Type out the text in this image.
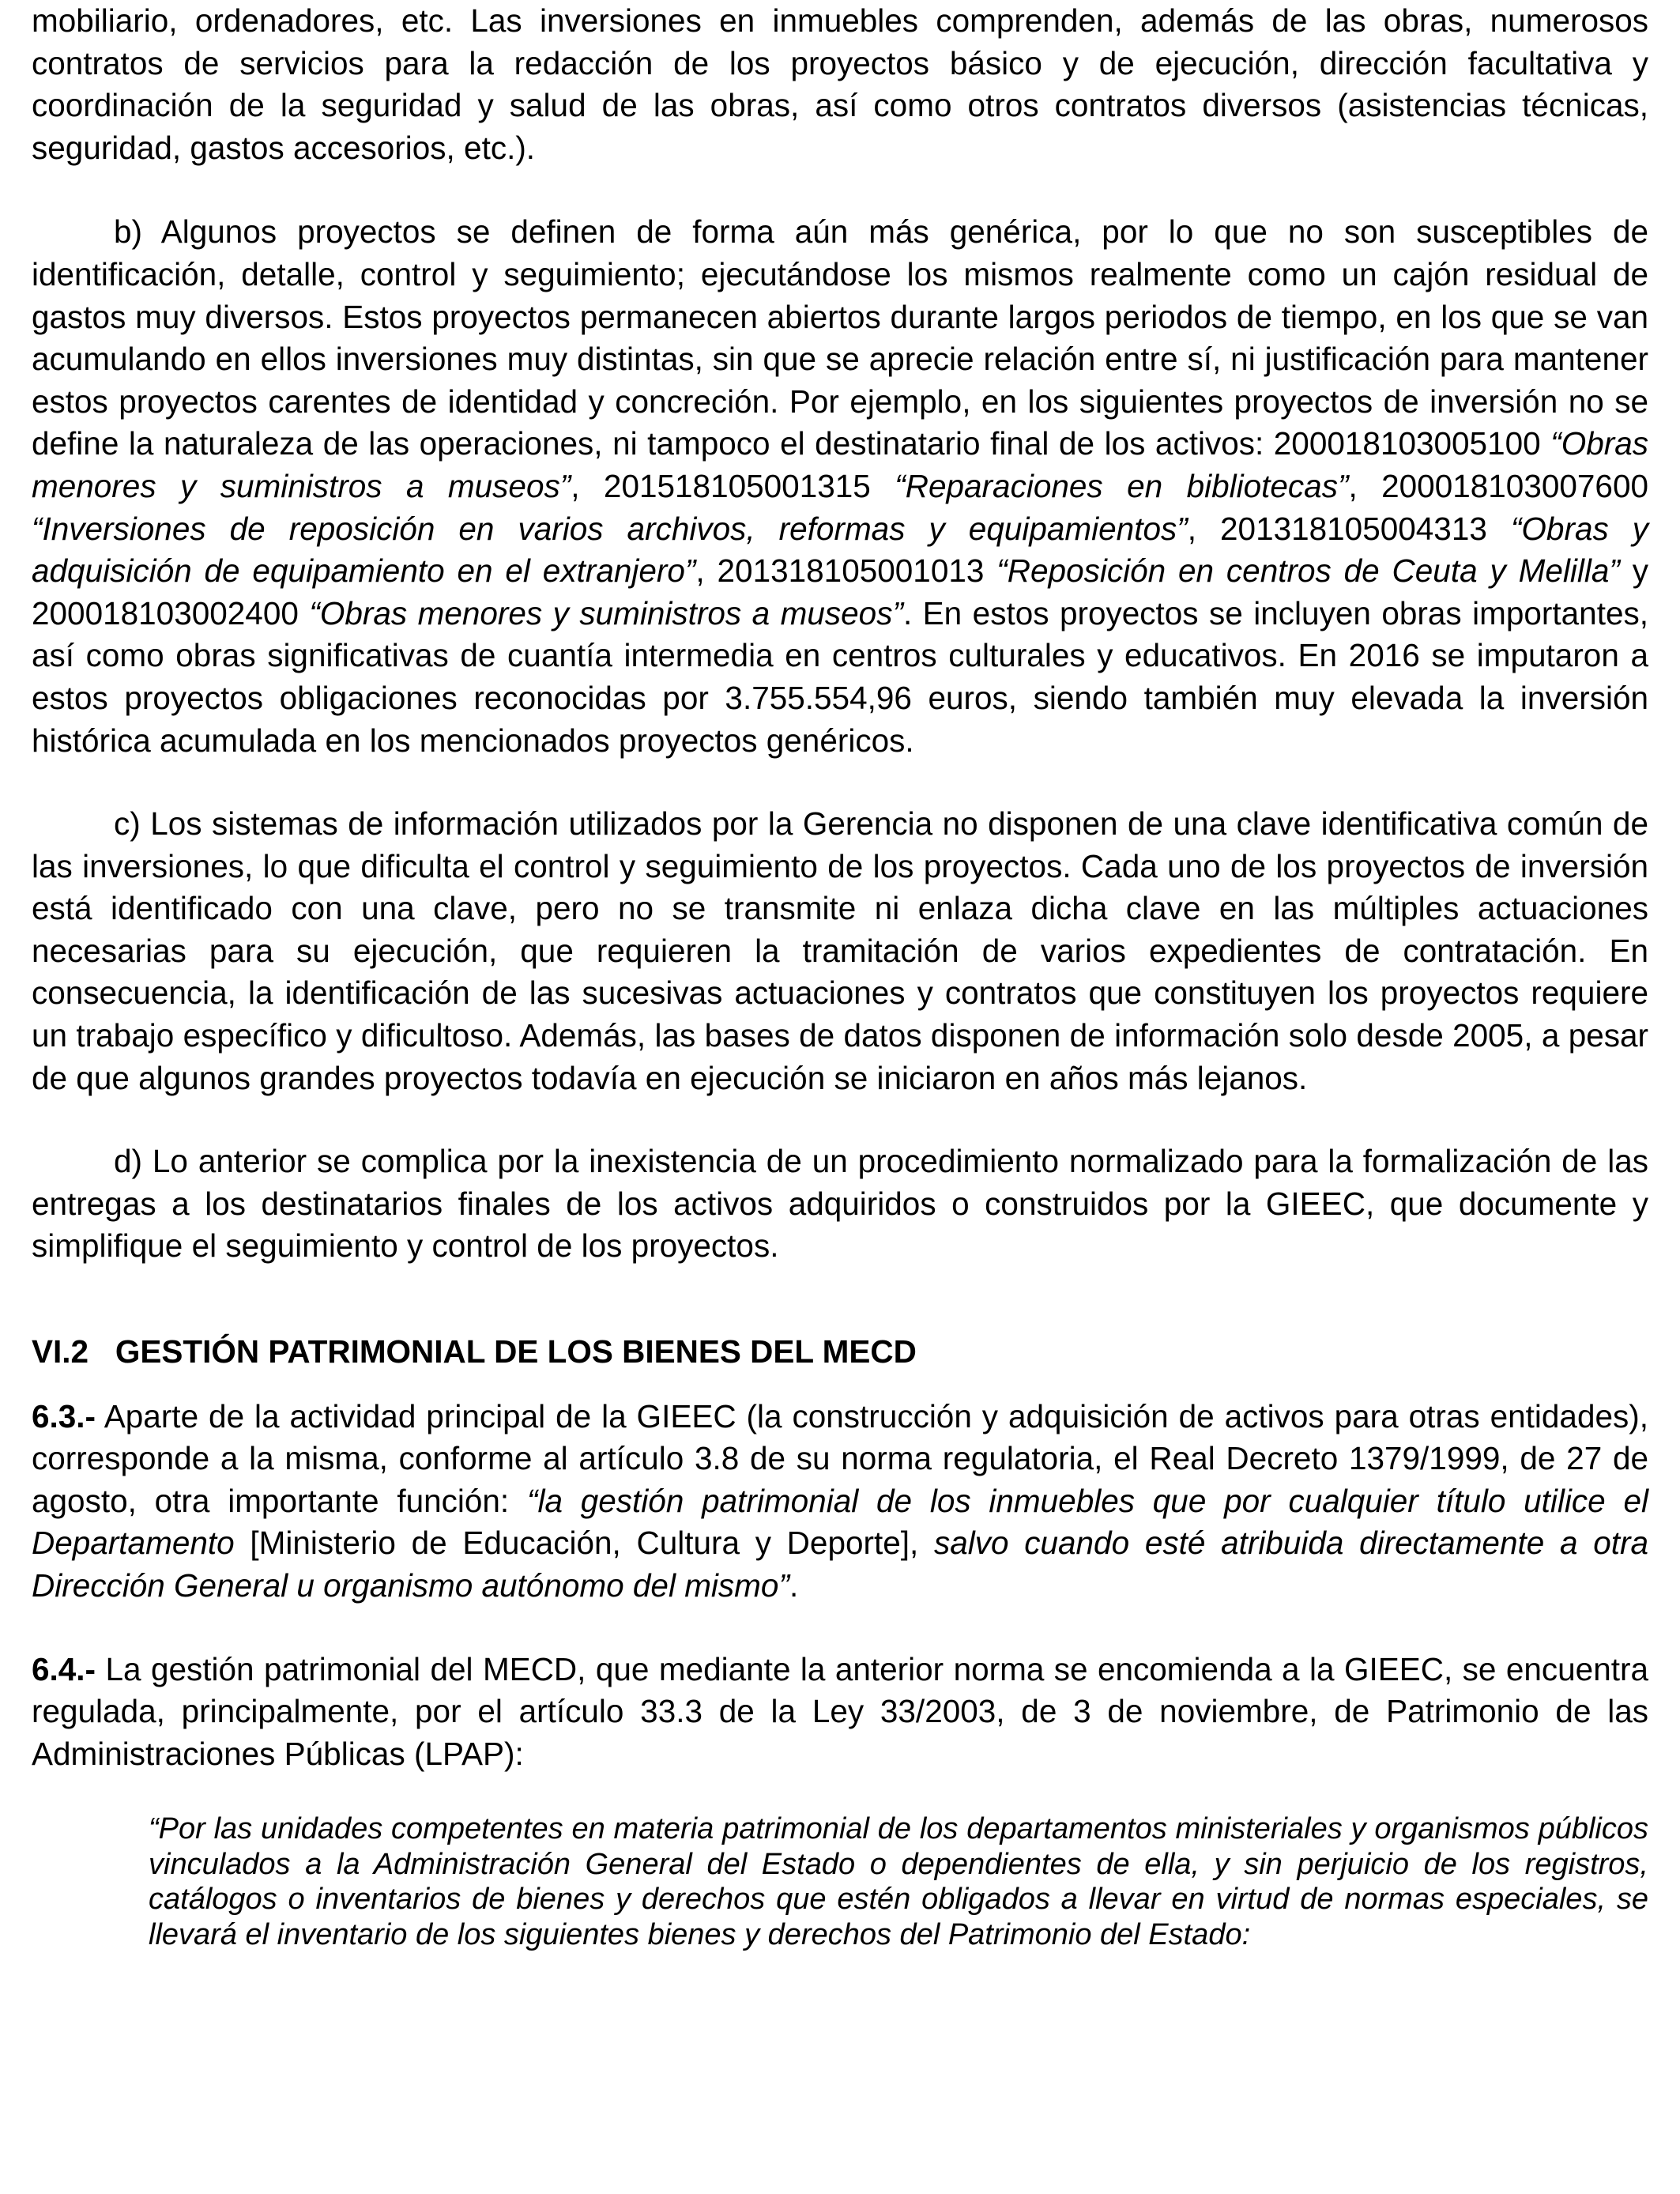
mobiliario, ordenadores, etc. Las inversiones en inmuebles comprenden, además de las obras, numerosos contratos de servicios para la redacción de los proyectos básico y de ejecución, dirección facultativa y coordinación de la seguridad y salud de las obras, así como otros contratos diversos (asistencias técnicas, seguridad, gastos accesorios, etc.).

b) Algunos proyectos se definen de forma aún más genérica, por lo que no son susceptibles de identificación, detalle, control y seguimiento; ejecutándose los mismos realmente como un cajón residual de gastos muy diversos. Estos proyectos permanecen abiertos durante largos periodos de tiempo, en los que se van acumulando en ellos inversiones muy distintas, sin que se aprecie relación entre sí, ni justificación para mantener estos proyectos carentes de identidad y concreción. Por ejemplo, en los siguientes proyectos de inversión no se define la naturaleza de las operaciones, ni tampoco el destinatario final de los activos: 200018103005100 “Obras menores y suministros a museos”, 201518105001315 “Reparaciones en bibliotecas”, 200018103007600 “Inversiones de reposición en varios archivos, reformas y equipamientos”, 201318105004313 “Obras y adquisición de equipamiento en el extranjero”, 201318105001013 “Reposición en centros de Ceuta y Melilla” y 200018103002400 “Obras menores y suministros a museos”. En estos proyectos se incluyen obras importantes, así como obras significativas de cuantía intermedia en centros culturales y educativos. En 2016 se imputaron a estos proyectos obligaciones reconocidas por 3.755.554,96 euros, siendo también muy elevada la inversión histórica acumulada en los mencionados proyectos genéricos.

c) Los sistemas de información utilizados por la Gerencia no disponen de una clave identificativa común de las inversiones, lo que dificulta el control y seguimiento de los proyectos. Cada uno de los proyectos de inversión está identificado con una clave, pero no se transmite ni enlaza dicha clave en las múltiples actuaciones necesarias para su ejecución, que requieren la tramitación de varios expedientes de contratación. En consecuencia, la identificación de las sucesivas actuaciones y contratos que constituyen los proyectos requiere un trabajo específico y dificultoso. Además, las bases de datos disponen de información solo desde 2005, a pesar de que algunos grandes proyectos todavía en ejecución se iniciaron en años más lejanos.

d) Lo anterior se complica por la inexistencia de un procedimiento normalizado para la formalización de las entregas a los destinatarios finales de los activos adquiridos o construidos por la GIEEC, que documente y simplifique el seguimiento y control de los proyectos.

VI.2 GESTIÓN PATRIMONIAL DE LOS BIENES DEL MECD

6.3.- Aparte de la actividad principal de la GIEEC (la construcción y adquisición de activos para otras entidades), corresponde a la misma, conforme al artículo 3.8 de su norma regulatoria, el Real Decreto 1379/1999, de 27 de agosto, otra importante función: “la gestión patrimonial de los inmuebles que por cualquier título utilice el Departamento [Ministerio de Educación, Cultura y Deporte], salvo cuando esté atribuida directamente a otra Dirección General u organismo autónomo del mismo”.

6.4.- La gestión patrimonial del MECD, que mediante la anterior norma se encomienda a la GIEEC, se encuentra regulada, principalmente, por el artículo 33.3 de la Ley 33/2003, de 3 de noviembre, de Patrimonio de las Administraciones Públicas (LPAP):

“Por las unidades competentes en materia patrimonial de los departamentos ministeriales y organismos públicos vinculados a la Administración General del Estado o dependientes de ella, y sin perjuicio de los registros, catálogos o inventarios de bienes y derechos que estén obligados a llevar en virtud de normas especiales, se llevará el inventario de los siguientes bienes y derechos del Patrimonio del Estado:
